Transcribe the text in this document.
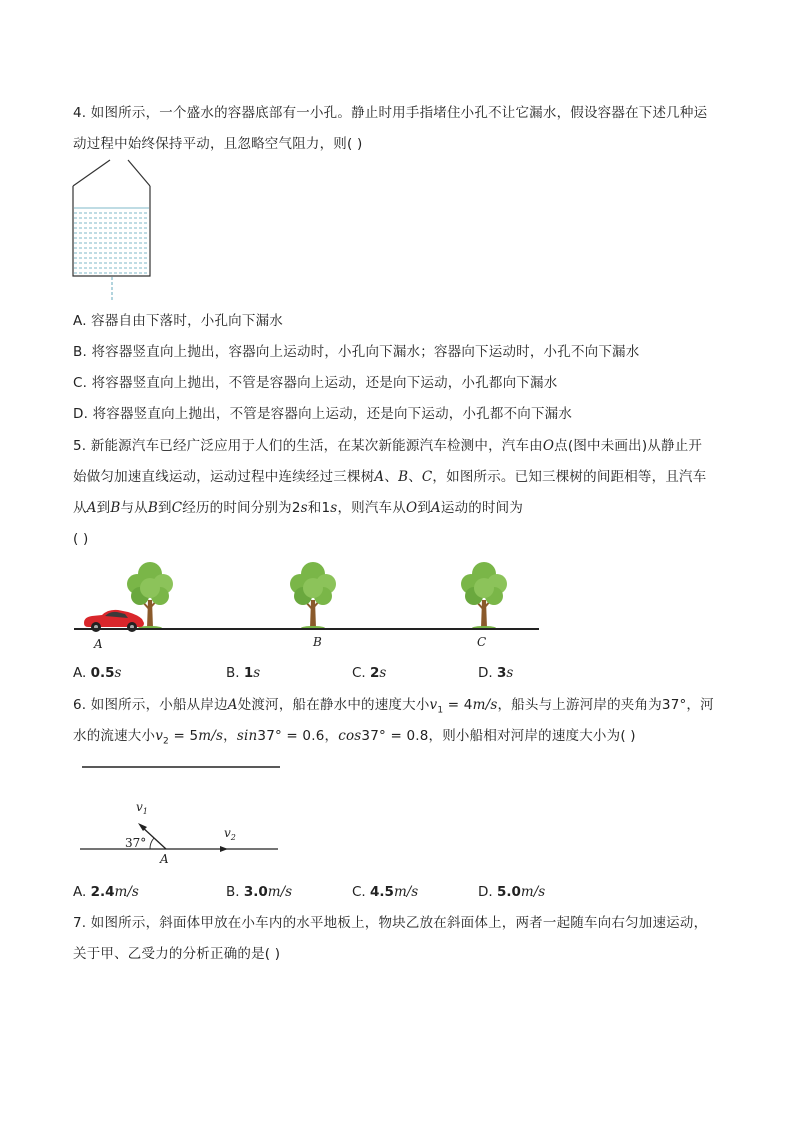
4. 如图所示，一个盛水的容器底部有一小孔。静止时用手指堵住小孔不让它漏水，假设容器在下述几种运
动过程中始终保持平动，且忽略空气阻力，则( )
A. 容器自由下落时，小孔向下漏水
B. 将容器竖直向上抛出，容器向上运动时，小孔向下漏水；容器向下运动时，小孔不向下漏水
C. 将容器竖直向上抛出，不管是容器向上运动，还是向下运动，小孔都向下漏水
D. 将容器竖直向上抛出，不管是容器向上运动，还是向下运动，小孔都不向下漏水
5. 新能源汽车已经广泛应用于人们的生活，在某次新能源汽车检测中，汽车由O点(图中未画出)从静止开
始做匀加速直线运动，运动过程中连续经过三棵树A、B、C，如图所示。已知三棵树的间距相等，且汽车
从A到B与从B到C经历的时间分别为2s和1s，则汽车从O到A运动的时间为
( )
A	B	C
A. 0.5s	B. 1s	C. 2s	D. 3s
6. 如图所示，小船从岸边A处渡河，船在静水中的速度大小$v_1 = 4m/s$，船头与上游河岸的夹角为37°，河
水的流速大小$v_2 = 5m/s$，sin37° = 0.6，cos37° = 0.8，则小船相对河岸的速度大小为( )
$v_1$
$v_2$
37°
A
A. 2.4m/s	B. 3.0m/s	C. 4.5m/s	D. 5.0m/s
7. 如图所示，斜面体甲放在小车内的水平地板上，物块乙放在斜面体上，两者一起随车向右匀加速运动，
关于甲、乙受力的分析正确的是( )
